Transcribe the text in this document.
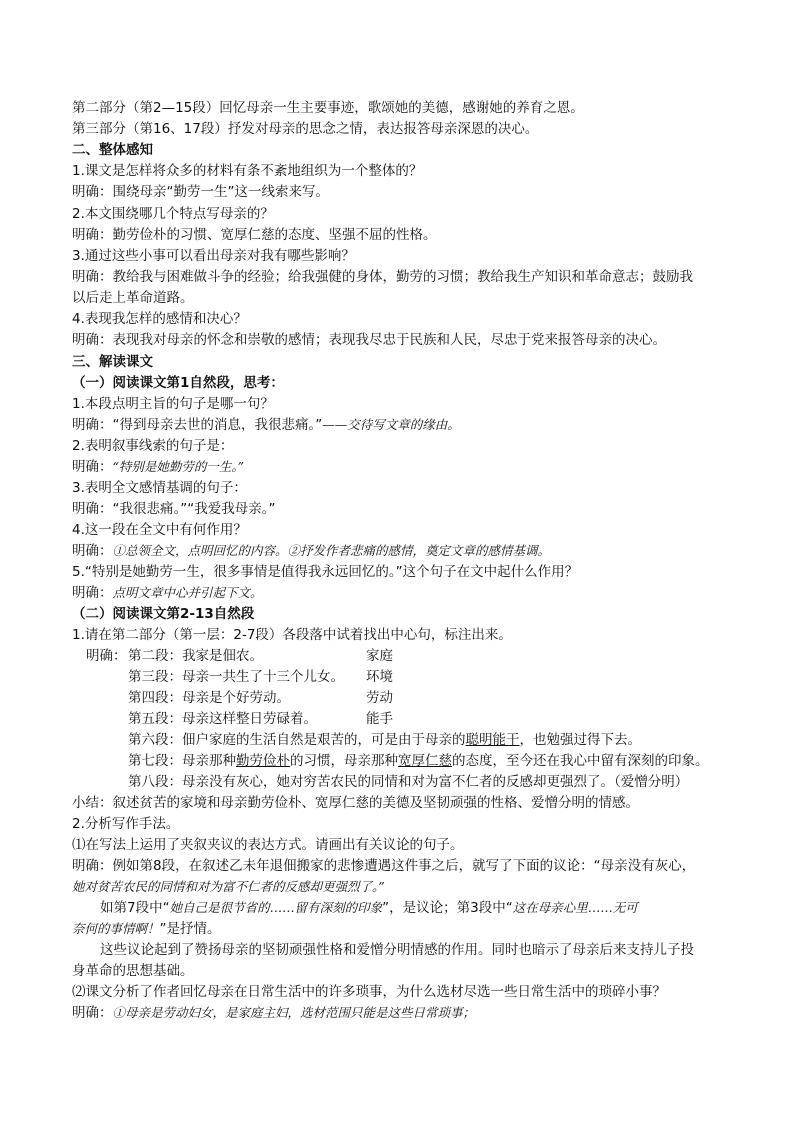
第二部分（第2—15段）回忆母亲一生主要事迹，歌颂她的美德，感谢她的养育之恩。
第三部分（第16、17段）抒发对母亲的思念之情，表达报答母亲深恩的决心。
二、整体感知
1.课文是怎样将众多的材料有条不紊地组织为一个整体的？
明确：围绕母亲“勤劳一生”这一线索来写。
2.本文围绕哪几个特点写母亲的？
明确：勤劳俭朴的习惯、宽厚仁慈的态度、坚强不屈的性格。
3.通过这些小事可以看出母亲对我有哪些影响？
明确：教给我与困难做斗争的经验；给我强健的身体，勤劳的习惯；教给我生产知识和革命意志；鼓励我
以后走上革命道路。
4.表现我怎样的感情和决心？
明确：表现我对母亲的怀念和崇敬的感情；表现我尽忠于民族和人民，尽忠于党来报答母亲的决心。
三、解读课文
（一）阅读课文第1自然段，思考：
1.本段点明主旨的句子是哪一句？
明确：“得到母亲去世的消息，我很悲痛。”——交待写文章的缘由。
2.表明叙事线索的句子是：
明确：“特别是她勤劳的一生。”
3.表明全文感情基调的句子：
明确：“我很悲痛。”“我爱我母亲。”
4.这一段在全文中有何作用？
明确：①总领全文，点明回忆的内容。②抒发作者悲痛的感情，奠定文章的感情基调。
5.“特别是她勤劳一生，很多事情是值得我永远回忆的。”这个句子在文中起什么作用？
明确：点明文章中心并引起下文。
（二）阅读课文第2-13自然段
1.请在第二部分（第一层：2-7段）各段落中试着找出中心句，标注出来。
明确： 第二段：我家是佃农。	家庭
第三段：母亲一共生了十三个儿女。 环境
第四段：母亲是个好劳动。	劳动
第五段：母亲这样整日劳碌着。	能手
第六段：佃户家庭的生活自然是艰苦的，可是由于母亲的聪明能干，也勉强过得下去。
第七段：母亲那种勤劳俭朴的习惯，母亲那种宽厚仁慈的态度，至今还在我心中留有深刻的印象。
第八段：母亲没有灰心，她对穷苦农民的同情和对为富不仁者的反感却更强烈了。（爱憎分明）
小结：叙述贫苦的家境和母亲勤劳俭朴、宽厚仁慈的美德及坚韧顽强的性格、爱憎分明的情感。
2.分析写作手法。
⑴在写法上运用了夹叙夹议的表达方式。请画出有关议论的句子。
明确：例如第8段，在叙述乙未年退佃搬家的悲惨遭遇这件事之后，就写了下面的议论：“母亲没有灰心，
她对贫苦农民的同情和对为富不仁者的反感却更强烈了。”
如第7段中“她自己是很节省的……留有深刻的印象”，是议论；第3段中“这在母亲心里……无可
奈何的事情啊！”是抒情。
这些议论起到了赞扬母亲的坚韧顽强性格和爱憎分明情感的作用。同时也暗示了母亲后来支持儿子投
身革命的思想基础。
⑵课文分析了作者回忆母亲在日常生活中的许多琐事，为什么选材尽选一些日常生活中的琐碎小事？
明确：①母亲是劳动妇女，是家庭主妇，选材范围只能是这些日常琐事；
